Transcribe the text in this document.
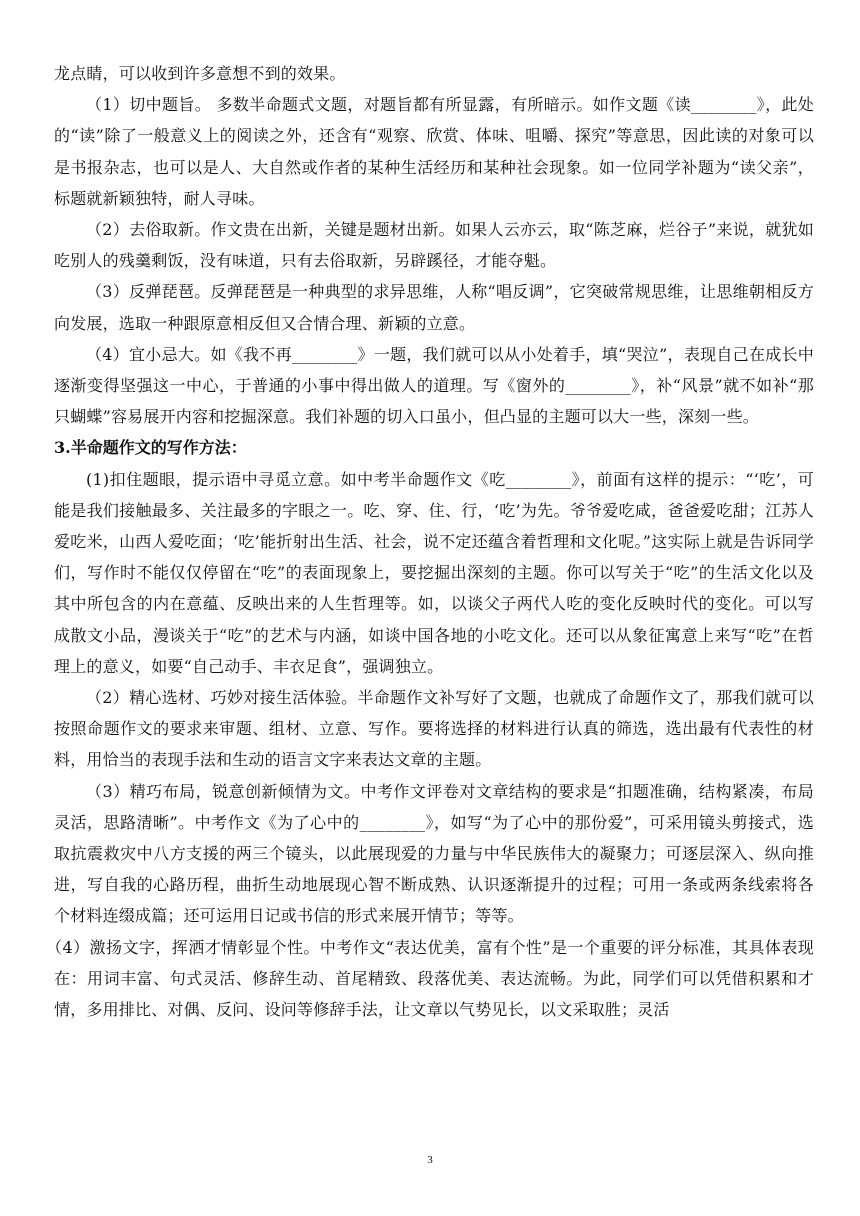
龙点睛，可以收到许多意想不到的效果。

（1）切中题旨。 多数半命题式文题，对题旨都有所显露，有所暗示。如作文题《读________》，此处的“读”除了一般意义上的阅读之外，还含有“观察、欣赏、体味、咀嚼、探究”等意思，因此读的对象可以是书报杂志，也可以是人、大自然或作者的某种生活经历和某种社会现象。如一位同学补题为“读父亲”，标题就新颖独特，耐人寻味。

（2）去俗取新。作文贵在出新，关键是题材出新。如果人云亦云，取“陈芝麻，烂谷子”来说，就犹如吃别人的残羹剩饭，没有味道，只有去俗取新，另辟蹊径，才能夺魁。

（3）反弹琵琶。反弹琵琶是一种典型的求异思维，人称“唱反调”，它突破常规思维，让思维朝相反方向发展，选取一种跟原意相反但又合情合理、新颖的立意。

（4）宜小忌大。如《我不再________》一题，我们就可以从小处着手，填“哭泣”，表现自己在成长中逐渐变得坚强这一中心，于普通的小事中得出做人的道理。写《窗外的________》，补“风景”就不如补“那只蝴蝶”容易展开内容和挖掘深意。我们补题的切入口虽小，但凸显的主题可以大一些，深刻一些。

3.半命题作文的写作方法：

(1)扣住题眼，提示语中寻觅立意。如中考半命题作文《吃________》，前面有这样的提示：“‘吃’，可能是我们接触最多、关注最多的字眼之一。吃、穿、住、行，‘吃’为先。爷爷爱吃咸，爸爸爱吃甜；江苏人爱吃米，山西人爱吃面；‘吃’能折射出生活、社会，说不定还蕴含着哲理和文化呢。”这实际上就是告诉同学们，写作时不能仅仅停留在“吃”的表面现象上，要挖掘出深刻的主题。你可以写关于“吃”的生活文化以及其中所包含的内在意蕴、反映出来的人生哲理等。如，以谈父子两代人吃的变化反映时代的变化。可以写成散文小品，漫谈关于“吃”的艺术与内涵，如谈中国各地的小吃文化。还可以从象征寓意上来写“吃”在哲理上的意义，如要“自己动手、丰衣足食”，强调独立。

（2）精心选材、巧妙对接生活体验。半命题作文补写好了文题，也就成了命题作文了，那我们就可以按照命题作文的要求来审题、组材、立意、写作。要将选择的材料进行认真的筛选，选出最有代表性的材料，用恰当的表现手法和生动的语言文字来表达文章的主题。

（3）精巧布局，锐意创新倾情为文。中考作文评卷对文章结构的要求是“扣题准确，结构紧凑，布局灵活，思路清晰”。中考作文《为了心中的________》，如写“为了心中的那份爱”，可采用镜头剪接式，选取抗震救灾中八方支援的两三个镜头，以此展现爱的力量与中华民族伟大的凝聚力；可逐层深入、纵向推进，写自我的心路历程，曲折生动地展现心智不断成熟、认识逐渐提升的过程；可用一条或两条线索将各个材料连缀成篇；还可运用日记或书信的形式来展开情节；等等。

（4）激扬文字，挥洒才情彰显个性。中考作文“表达优美，富有个性”是一个重要的评分标准，其具体表现在：用词丰富、句式灵活、修辞生动、首尾精致、段落优美、表达流畅。为此，同学们可以凭借积累和才情，多用排比、对偶、反问、设问等修辞手法，让文章以气势见长，以文采取胜；灵活

3
